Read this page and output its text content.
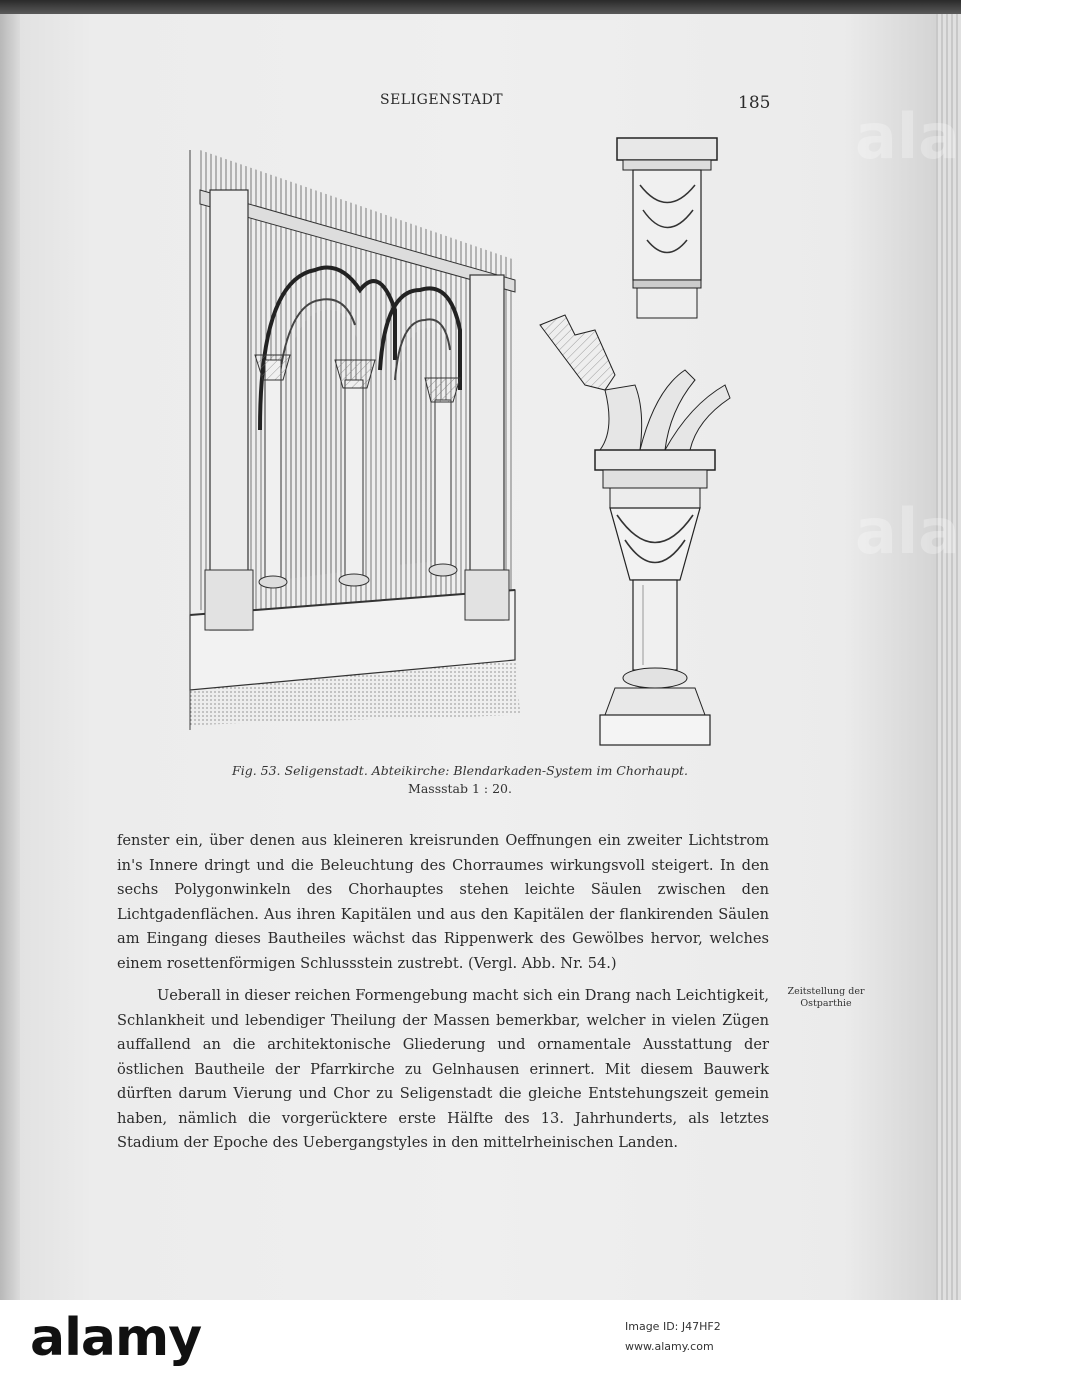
SELIGENSTADT	185
Fig. 53. Seligenstadt. Abteikirche: Blendarkaden-System im Chorhaupt.
Massstab 1 : 20.
fenster ein, über denen aus kleineren kreisrunden Oeffnungen ein zweiter Lichtstrom in's Innere dringt und die Beleuchtung des Chorraumes wirkungsvoll steigert. In den sechs Polygonwinkeln des Chorhauptes stehen leichte Säulen zwischen den Lichtgadenflächen. Aus ihren Kapitälen und aus den Kapitälen der flankirenden Säulen am Eingang dieses Bautheiles wächst das Rippenwerk des Gewölbes hervor, welches einem rosettenförmigen Schlussstein zustrebt. (Vergl. Abb. Nr. 54.)
Ueberall in dieser reichen Formengebung macht sich ein Drang nach Leichtigkeit, Schlankheit und lebendiger Theilung der Massen bemerkbar, welcher in vielen Zügen auffallend an die architektonische Gliederung und ornamentale Ausstattung der östlichen Bautheile der Pfarrkirche zu Gelnhausen erinnert. Mit diesem Bauwerk dürften darum Vierung und Chor zu Seligenstadt die gleiche Entstehungszeit gemein haben, nämlich die vorgerücktere erste Hälfte des 13. Jahrhunderts, als letztes Stadium der Epoche des Uebergangstyles in den mittelrheinischen Landen.
Zeitstellung der
Ostparthie
alamy
alamy
alamy	Image ID: J47HF2
www.alamy.com
